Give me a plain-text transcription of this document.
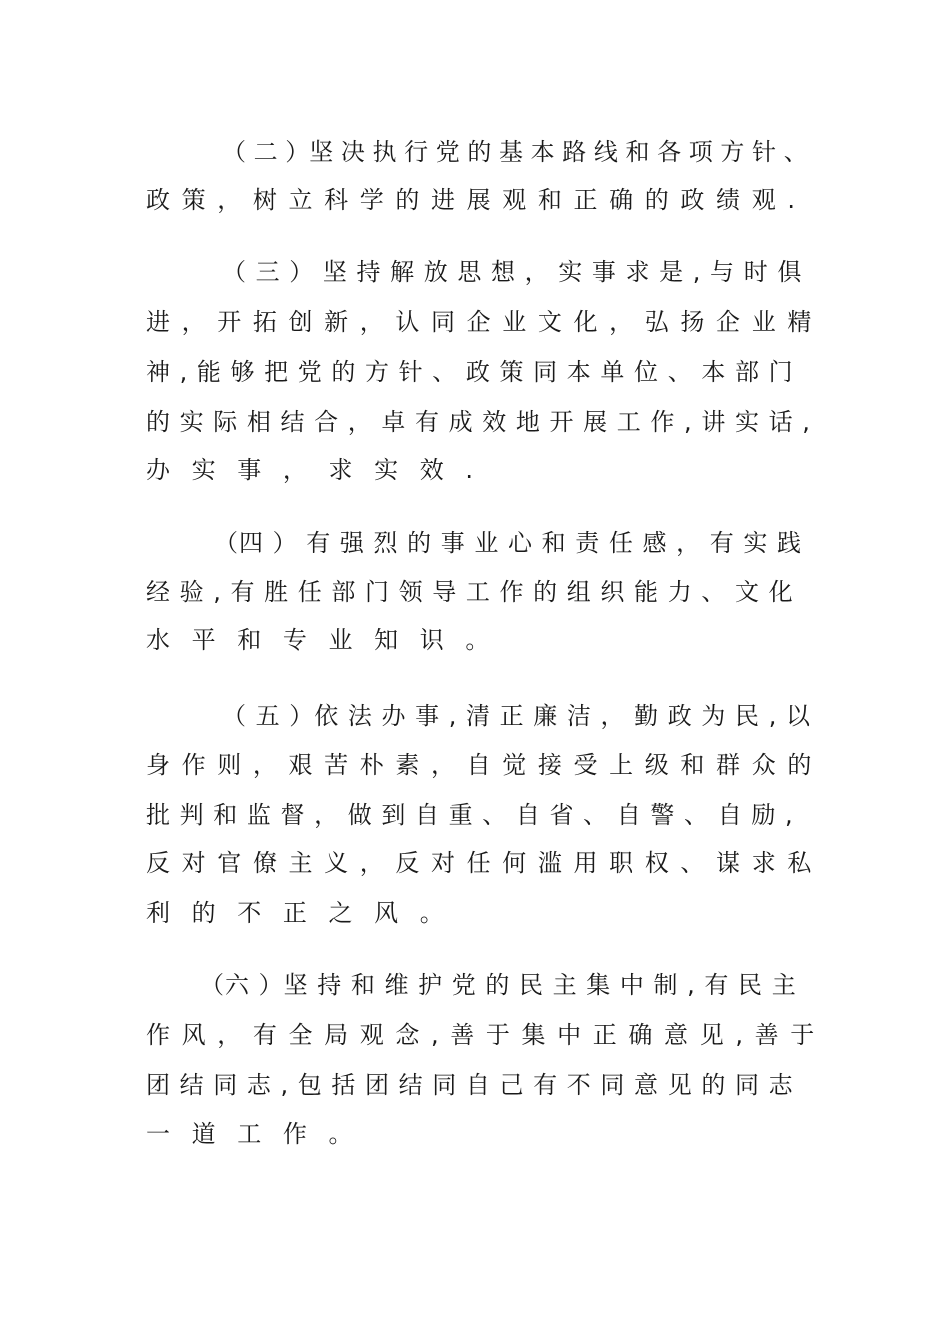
（ 二 ）坚 决 执 行 党 的 基 本 路 线 和 各 项 方 针 、
政 策 ， 树 立 科 学 的 进 展 观 和 正 确 的 政 绩 观 .
（ 三 ） 坚 持 解 放 思 想 ， 实 事 求 是 , 与 时 俱
进 ， 开 拓 创 新 ， 认 同 企 业 文 化 ， 弘 扬 企 业 精
神 , 能 够 把 党 的 方 针 、 政 策 同 本 单 位 、 本 部 门
的 实 际 相 结 合 ， 卓 有 成 效 地 开 展 工 作 , 讲 实 话 ,
办 实 事 ， 求 实 效 .
（四 ） 有 强 烈 的 事 业 心 和 责 任 感 ， 有 实 践
经 验 , 有 胜 任 部 门 领 导 工 作 的 组 织 能 力 、 文 化
水 平 和 专 业 知 识 。
（ 五 ）依 法 办 事 , 清 正 廉 洁 ， 勤 政 为 民 , 以
身 作 则 ， 艰 苦 朴 素 ， 自 觉 接 受 上 级 和 群 众 的
批 判 和 监 督 ， 做 到 自 重 、 自 省 、 自 警 、 自 励 ,
反 对 官 僚 主 义 ， 反 对 任 何 滥 用 职 权 、 谋 求 私
利 的 不 正 之 风 。
（六 ）坚 持 和 维 护 党 的 民 主 集 中 制 , 有 民 主
作 风 ， 有 全 局 观 念 , 善 于 集 中 正 确 意 见 , 善 于
团 结 同 志 , 包 括 团 结 同 自 己 有 不 同 意 见 的 同 志
一 道 工 作 。
